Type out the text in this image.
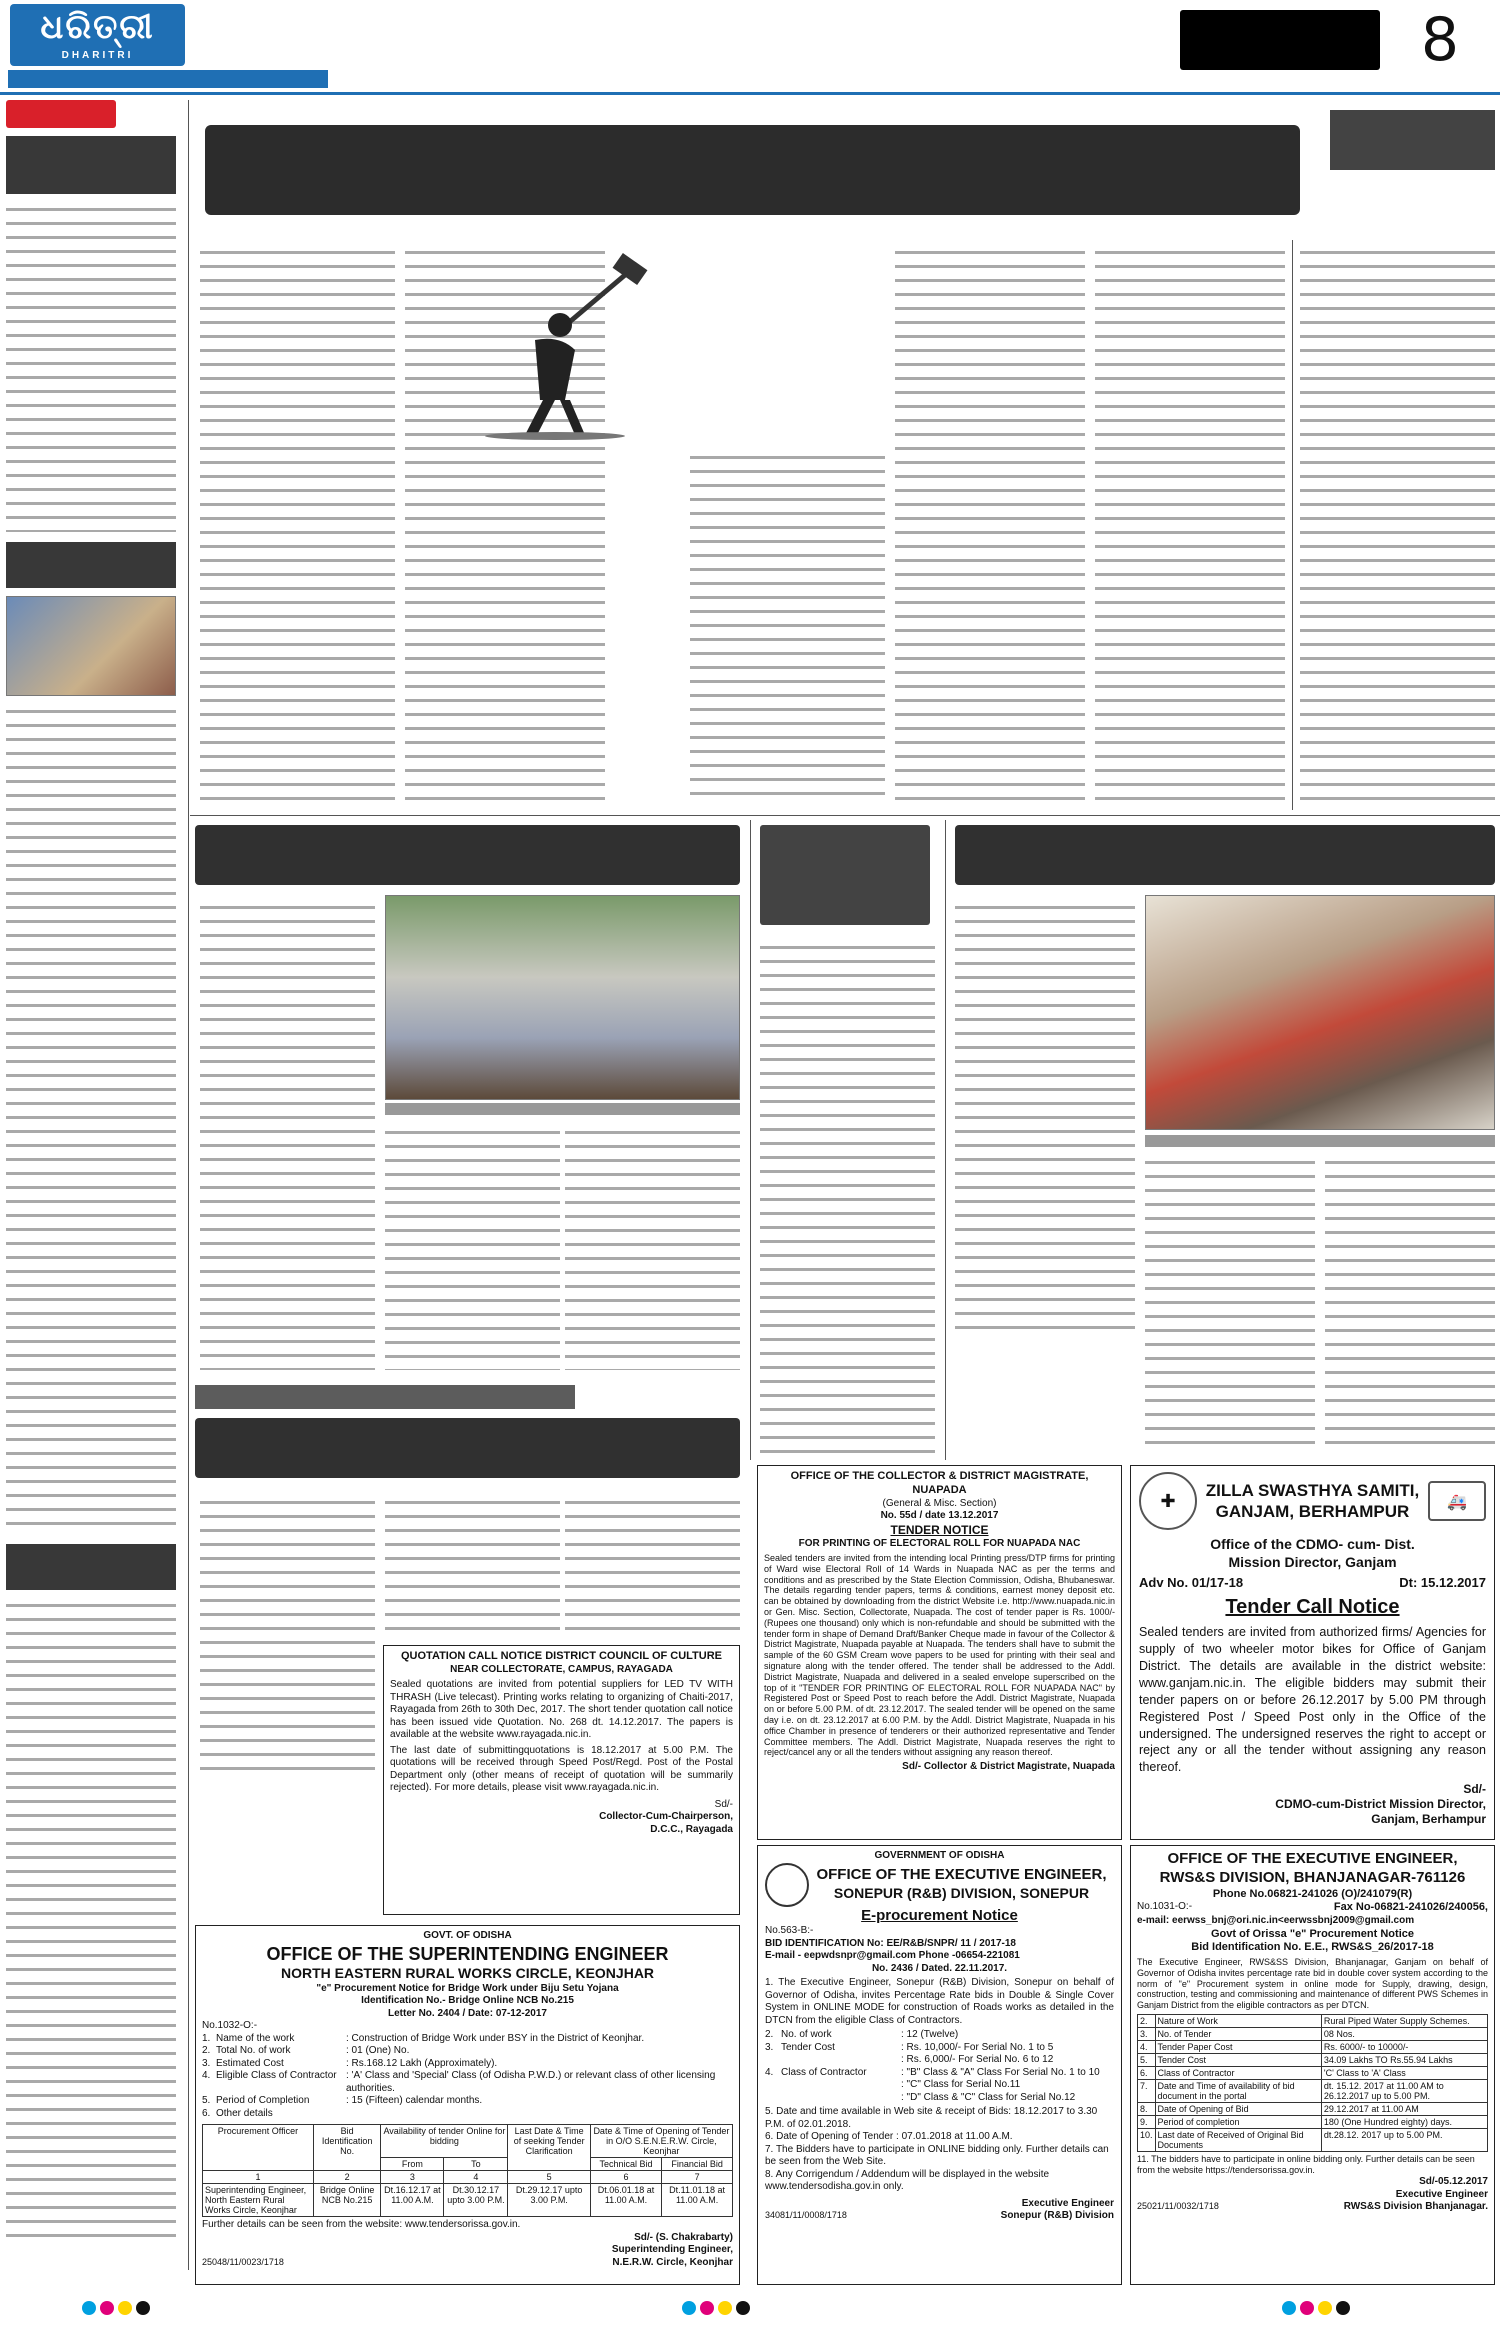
ଧରିତ୍ରୀ
DHARITRI	8

QUOTATION CALL NOTICE DISTRICT COUNCIL OF CULTURE

NEAR COLLECTORATE, CAMPUS, RAYAGADA

Sealed quotations are invited from potential suppliers for LED TV WITH THRASH (Live telecast). Printing works relating to organizing of Chaiti-2017, Rayagada from 26th to 30th Dec, 2017. The short tender quotation call notice has been issued vide Quotation. No. 268 dt. 14.12.2017. The papers is available at the website www.rayagada.nic.in.

The last date of submittingquotations is 18.12.2017 at 5.00 P.M. The quotations will be received through Speed Post/Regd. Post of the Postal Department only (other means of receipt of quotation will be summarily rejected). For more details, please visit www.rayagada.nic.in.

Sd/-

Collector-Cum-Chairperson,

D.C.C., Rayagada

OFFICE OF THE COLLECTOR & DISTRICT MAGISTRATE, NUAPADA

(General & Misc. Section)

No. 55d / date 13.12.2017

TENDER NOTICE

FOR PRINTING OF ELECTORAL ROLL FOR NUAPADA NAC

Sealed tenders are invited from the intending local Printing press/DTP firms for printing of Ward wise Electoral Roll of 14 Wards in Nuapada NAC as per the terms and conditions and as prescribed by the State Election Commission, Odisha, Bhubaneswar. The details regarding tender papers, terms & conditions, earnest money deposit etc. can be obtained by downloading from the district Website i.e. http://www.nuapada.nic.in or Gen. Misc. Section, Collectorate, Nuapada. The cost of tender paper is Rs. 1000/- (Rupees one thousand) only which is non-refundable and should be submitted with the tender form in shape of Demand Draft/Banker Cheque made in favour of the Collector & District Magistrate, Nuapada payable at Nuapada. The tenders shall have to submit the sample of the 60 GSM Cream wove papers to be used for printing with their seal and signature along with the tender offered. The tender shall be addressed to the Addl. District Magistrate, Nuapada and delivered in a sealed envelope superscribed on the top of it "TENDER FOR PRINTING OF ELECTORAL ROLL FOR NUAPADA NAC" by Registered Post or Speed Post to reach before the Addl. District Magistrate, Nuapada on or before 5.00 P.M. of dt. 23.12.2017. The sealed tender will be opened on the same day i.e. on dt. 23.12.2017 at 6.00 P.M. by the Addl. District Magistrate, Nuapada in his office Chamber in presence of tenderers or their authorized representative and Tender Committee members. The Addl. District Magistrate, Nuapada reserves the right to reject/cancel any or all the tenders without assigning any reason thereof.

Sd/- Collector & District Magistrate, Nuapada

✚

ZILLA SWASTHYA SAMITI,

GANJAM, BERHAMPUR

🚑

Office of the CDMO- cum- Dist.

Mission Director, Ganjam

Adv No. 01/17-18	Dt: 15.12.2017

Tender Call Notice

Sealed tenders are invited from authorized firms/ Agencies for supply of two wheeler motor bikes for Office of Ganjam District. The details are available in the district website: www.ganjam.nic.in. The eligible bidders may submit their tender papers on or before 26.12.2017 by 5.00 PM through Registered Post / Speed Post only in the Office of the undersigned. The undersigned reserves the right to accept or reject any or all the tender without assigning any reason thereof.

Sd/-

CDMO-cum-District Mission Director,

Ganjam, Berhampur

GOVT. OF ODISHA

OFFICE OF THE SUPERINTENDING ENGINEER

NORTH EASTERN RURAL WORKS CIRCLE, KEONJHAR

"e" Procurement Notice for Bridge Work under Biju Setu Yojana

Identification No.- Bridge Online NCB No.215

Letter No. 2404 / Date: 07-12-2017

No.1032-O:-

1. Name of the work	: Construction of Bridge Work under BSY in the District of Keonjhar.

2. Total No. of work	: 01 (One) No.

3. Estimated Cost	: Rs.168.12 Lakh (Approximately).

4. Eligible Class of Contractor : 'A' Class and 'Special' Class (of Odisha P.W.D.) or relevant class of other licensing authorities.

5. Period of Completion	: 15 (Fifteen) calendar months.

6. Other details

Procurement Officer	Bid Identification No.	Availability of tender Online for bidding		Last Date & Time of seeking Tender Clarification	Date & Time of Opening of Tender in O/O S.E.N.E.R.W. Circle, Keonjhar	
		From	To		Technical Bid	Financial Bid
1	2	3	4	5	6	7
Superintending Engineer, North Eastern Rural Works Circle, Keonjhar	Bridge Online NCB No.215	Dt.16.12.17 at 11.00 A.M.	Dt.30.12.17 upto 3.00 P.M.	Dt.29.12.17 upto 3.00 P.M.	Dt.06.01.18 at 11.00 A.M.	Dt.11.01.18 at 11.00 A.M.

Further details can be seen from the website: www.tendersorissa.gov.in.

Sd/- (S. Chakrabarty)

Superintending Engineer,

25048/11/0023/1718	N.E.R.W. Circle, Keonjhar

GOVERNMENT OF ODISHA

OFFICE OF THE EXECUTIVE ENGINEER,

SONEPUR (R&B) DIVISION, SONEPUR

E-procurement Notice

No.563-B:-

BID IDENTIFICATION No: EE/R&B/SNPR/ 11 / 2017-18

E-mail - eepwdsnpr@gmail.com Phone -06654-221081

No. 2436 / Dated. 22.11.2017.

1. The Executive Engineer, Sonepur (R&B) Division, Sonepur on behalf of Governor of Odisha, invites Percentage Rate bids in Double & Single Cover System in ONLINE MODE for construction of Roads works as detailed in the DTCN from the eligible Class of Contractors.

2. No. of work	: 12 (Twelve)

3. Tender Cost	: Rs. 10,000/- For Serial No. 1 to 5

: Rs. 6,000/- For Serial No. 6 to 12

4. Class of Contractor	: "B" Class & "A" Class For Serial No. 1 to 10

: "C" Class for Serial No.11

: "D" Class & "C" Class for Serial No.12

5. Date and time available in Web site & receipt of Bids: 18.12.2017 to 3.30 P.M. of 02.01.2018.

6. Date of Opening of Tender : 07.01.2018 at 11.00 A.M.

7. The Bidders have to participate in ONLINE bidding only. Further details can be seen from the Web Site.

8. Any Corrigendum / Addendum will be displayed in the website www.tendersodisha.gov.in only.

Executive Engineer

34081/11/0008/1718	Sonepur (R&B) Division

OFFICE OF THE EXECUTIVE ENGINEER,

RWS&S DIVISION, BHANJANAGAR-761126

Phone No.06821-241026 (O)/241079(R)

No.1031-O:-	Fax No-06821-241026/240056,

e-mail: eerwss_bnj@ori.nic.in<eerwssbnj2009@gmail.com

Govt of Orissa "e" Procurement Notice

Bid Identification No. E.E., RWS&S_26/2017-18

The Executive Engineer, RWS&SS Division, Bhanjanagar, Ganjam on behalf of Governor of Odisha invites percentage rate bid in double cover system according to the norm of "e" Procurement system in online mode for Supply, drawing, design, construction, testing and commissioning and maintenance of different PWS Schemes in Ganjam District from the eligible contractors as per DTCN.

2.	Nature of Work	Rural Piped Water Supply Schemes.
3.	No. of Tender	08 Nos.
4.	Tender Paper Cost	Rs. 6000/- to 10000/-
5.	Tender Cost	34.09 Lakhs TO Rs.55.94 Lakhs
6.	Class of Contractor	'C' Class to 'A' Class
7.	Date and Time of availability of bid document in the portal	dt. 15.12. 2017 at 11.00 AM to 26.12.2017 up to 5.00 PM.
8.	Date of Opening of Bid	29.12.2017 at 11.00 AM
9.	Period of completion	180 (One Hundred eighty) days.
10.	Last date of Received of Original Bid Documents	dt.28.12. 2017 up to 5.00 PM.

11. The bidders have to participate in online bidding only. Further details can be seen from the website https://tendersorissa.gov.in.

Sd/-05.12.2017

Executive Engineer

25021/11/0032/1718	RWS&S Division Bhanjanagar.
